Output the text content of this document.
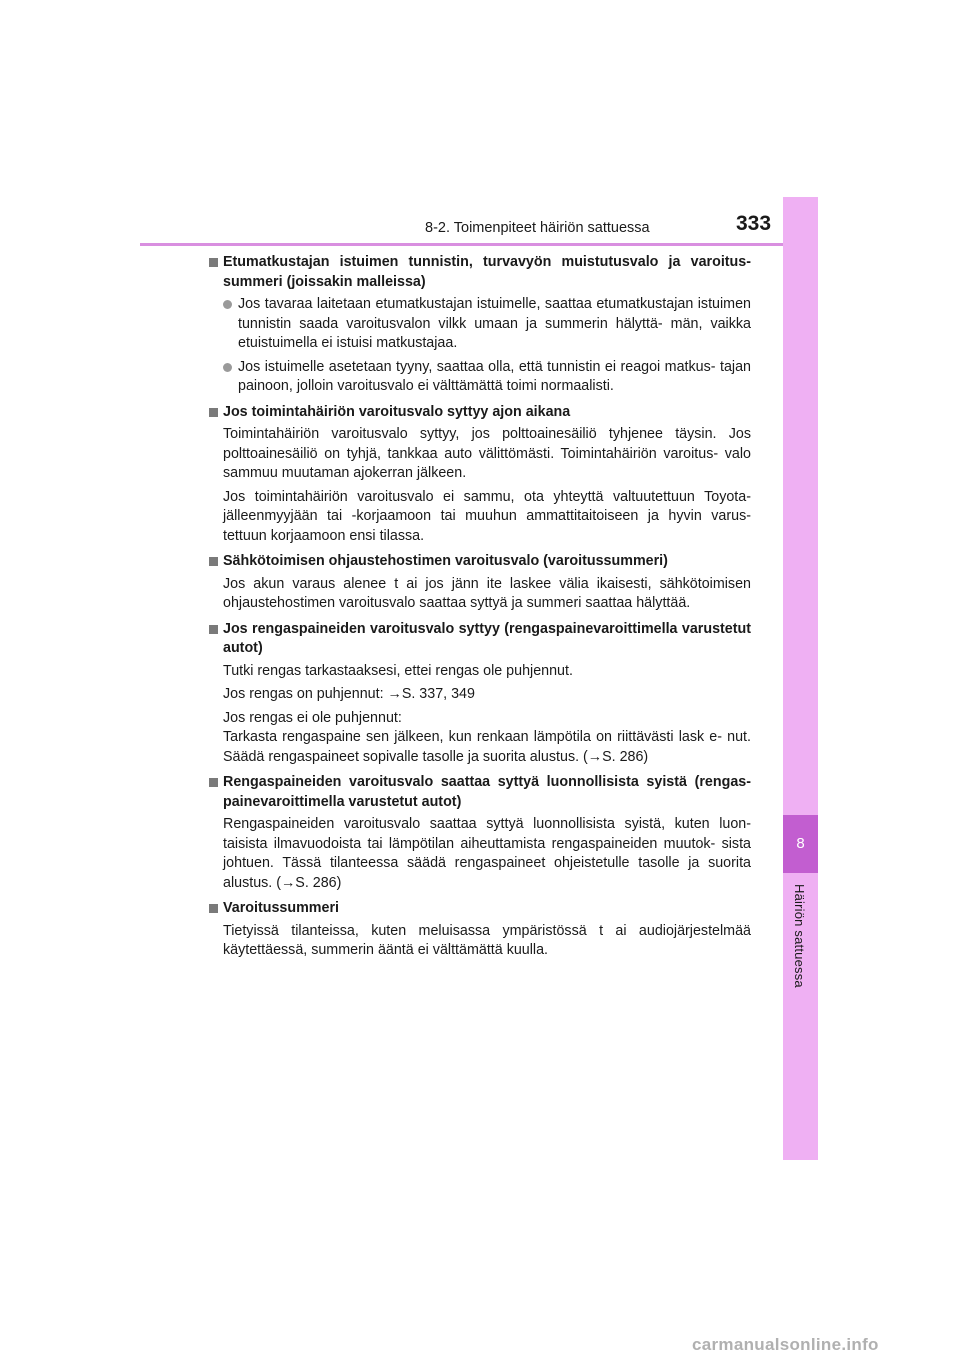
8-2. Toimenpiteet häiriön sattuessa	333
8
Häiriön sattuessa
Etumatkustajan istuimen tunnistin, turvavyön muistutusvalo ja varoitus- summeri (joissakin malleissa)
Jos tavaraa laitetaan etumatkustajan istuimelle, saattaa etumatkustajan istuimen tunnistin saada varoitusvalon vilkk umaan ja summerin hälyttä- män, vaikka etuistuimella ei istuisi matkustajaa.
Jos istuimelle asetetaan tyyny, saattaa olla, että tunnistin ei reagoi matkus- tajan painoon, jolloin varoitusvalo ei välttämättä toimi normaalisti.
Jos toimintahäiriön varoitusvalo syttyy ajon aikana
Toimintahäiriön varoitusvalo syttyy, jos polttoainesäiliö tyhjenee täysin. Jos polttoainesäiliö on tyhjä, tankkaa auto välittömästi. Toimintahäiriön varoitus- valo sammuu muutaman ajokerran jälkeen.
Jos toimintahäiriön varoitusvalo ei sammu, ota yhteyttä valtuutettuun Toyota- jälleenmyyjään tai -korjaamoon tai muuhun ammattitaitoiseen ja hyvin varus- tettuun korjaamoon ensi tilassa.
Sähkötoimisen ohjaustehostimen varoitusvalo (varoitussummeri)
Jos akun varaus alenee t ai jos jänn ite laskee välia ikaisesti, sähkötoimisen ohjaustehostimen varoitusvalo saattaa syttyä ja summeri saattaa hälyttää.
Jos rengaspaineiden varoitusvalo syttyy (rengaspainevaroittimella varustetut autot)
Tutki rengas tarkastaaksesi, ettei rengas ole puhjennut.
Jos rengas on puhjennut: →S. 337, 349
Jos rengas ei ole puhjennut:
Tarkasta rengaspaine sen jälkeen, kun renkaan lämpötila on riittävästi lask e- nut. Säädä rengaspaineet sopivalle tasolle ja suorita alustus. (→S. 286)
Rengaspaineiden varoitusvalo saattaa syttyä luonnollisista syistä (rengas- painevaroittimella varustetut autot)
Rengaspaineiden varoitusvalo saattaa syttyä luonnollisista syistä, kuten luon- taisista ilmavuodoista tai lämpötilan aiheuttamista rengaspaineiden muutok- sista johtuen. Tässä tilanteessa säädä rengaspaineet ohjeistetulle tasolle ja suorita alustus. (→S. 286)
Varoitussummeri
Tietyissä tilanteissa, kuten meluisassa ympäristössä t ai audiojärjestelmää käytettäessä, summerin ääntä ei välttämättä kuulla.
carmanualsonline.info
